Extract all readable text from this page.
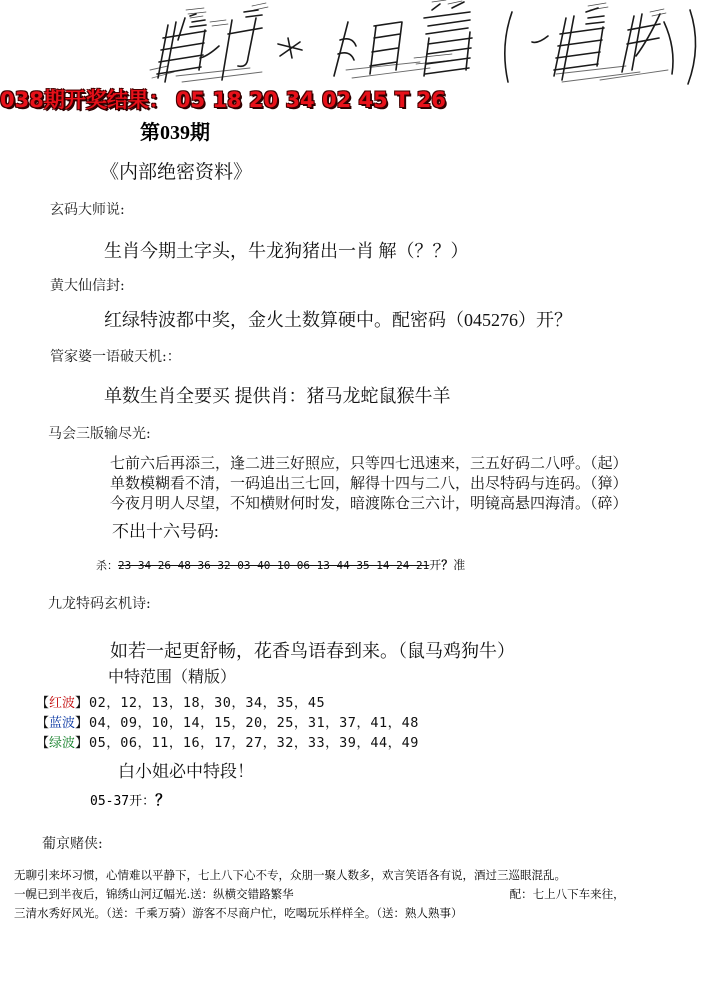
038期开奖结果： 05 18 20 34 02 45 T 26
第039期
《内部绝密资料》
玄码大师说:
生肖今期土字头，牛龙狗猪出一肖 解（？？）
黄大仙信封:
红绿特波都中奖，金火土数算硬中。配密码（045276）开？
管家婆一语破天机:：
单数生肖全要买 提供肖：猪马龙蛇鼠猴牛羊
马会三版输尽光:
七前六后再添三，逢二进三好照应，只等四七迅速来，三五好码二八呼。（起）
单数模糊看不清，一码追出三七回，解得十四与二八，出尽特码与连码。（獐）
今夜月明人尽望，不知横财何时发，暗渡陈仓三六计，明镜高悬四海清。（碎）
不出十六号码:
杀：23 34 26 48 36 32 03 40 10 06 13 44 35 14 24 21开？准
九龙特码玄机诗:
如若一起更舒畅，花香鸟语春到来。（鼠马鸡狗牛）
中特范围（精版）
【红波】02，12，13，18，30，34，35，45
【蓝波】04，09，10，14，15，20，25，31，37，41，48
【绿波】05，06，11，16，17，27，32，33，39，44，49
白小姐必中特段！
05-37开：？
葡京赌侠:
无聊引来坏习惯，心情难以平静下，七上八下心不专，众朋一聚人数多，欢言笑语各有说，酒过三巡眼混乱。
一幌已到半夜后，锦绣山河辽幅光.送：纵横交错路繁华	配：七上八下车来往，
三清水秀好风光。（送：千乘万骑）游客不尽商户忙，吃喝玩乐样样全。（送：熟人熟事）
